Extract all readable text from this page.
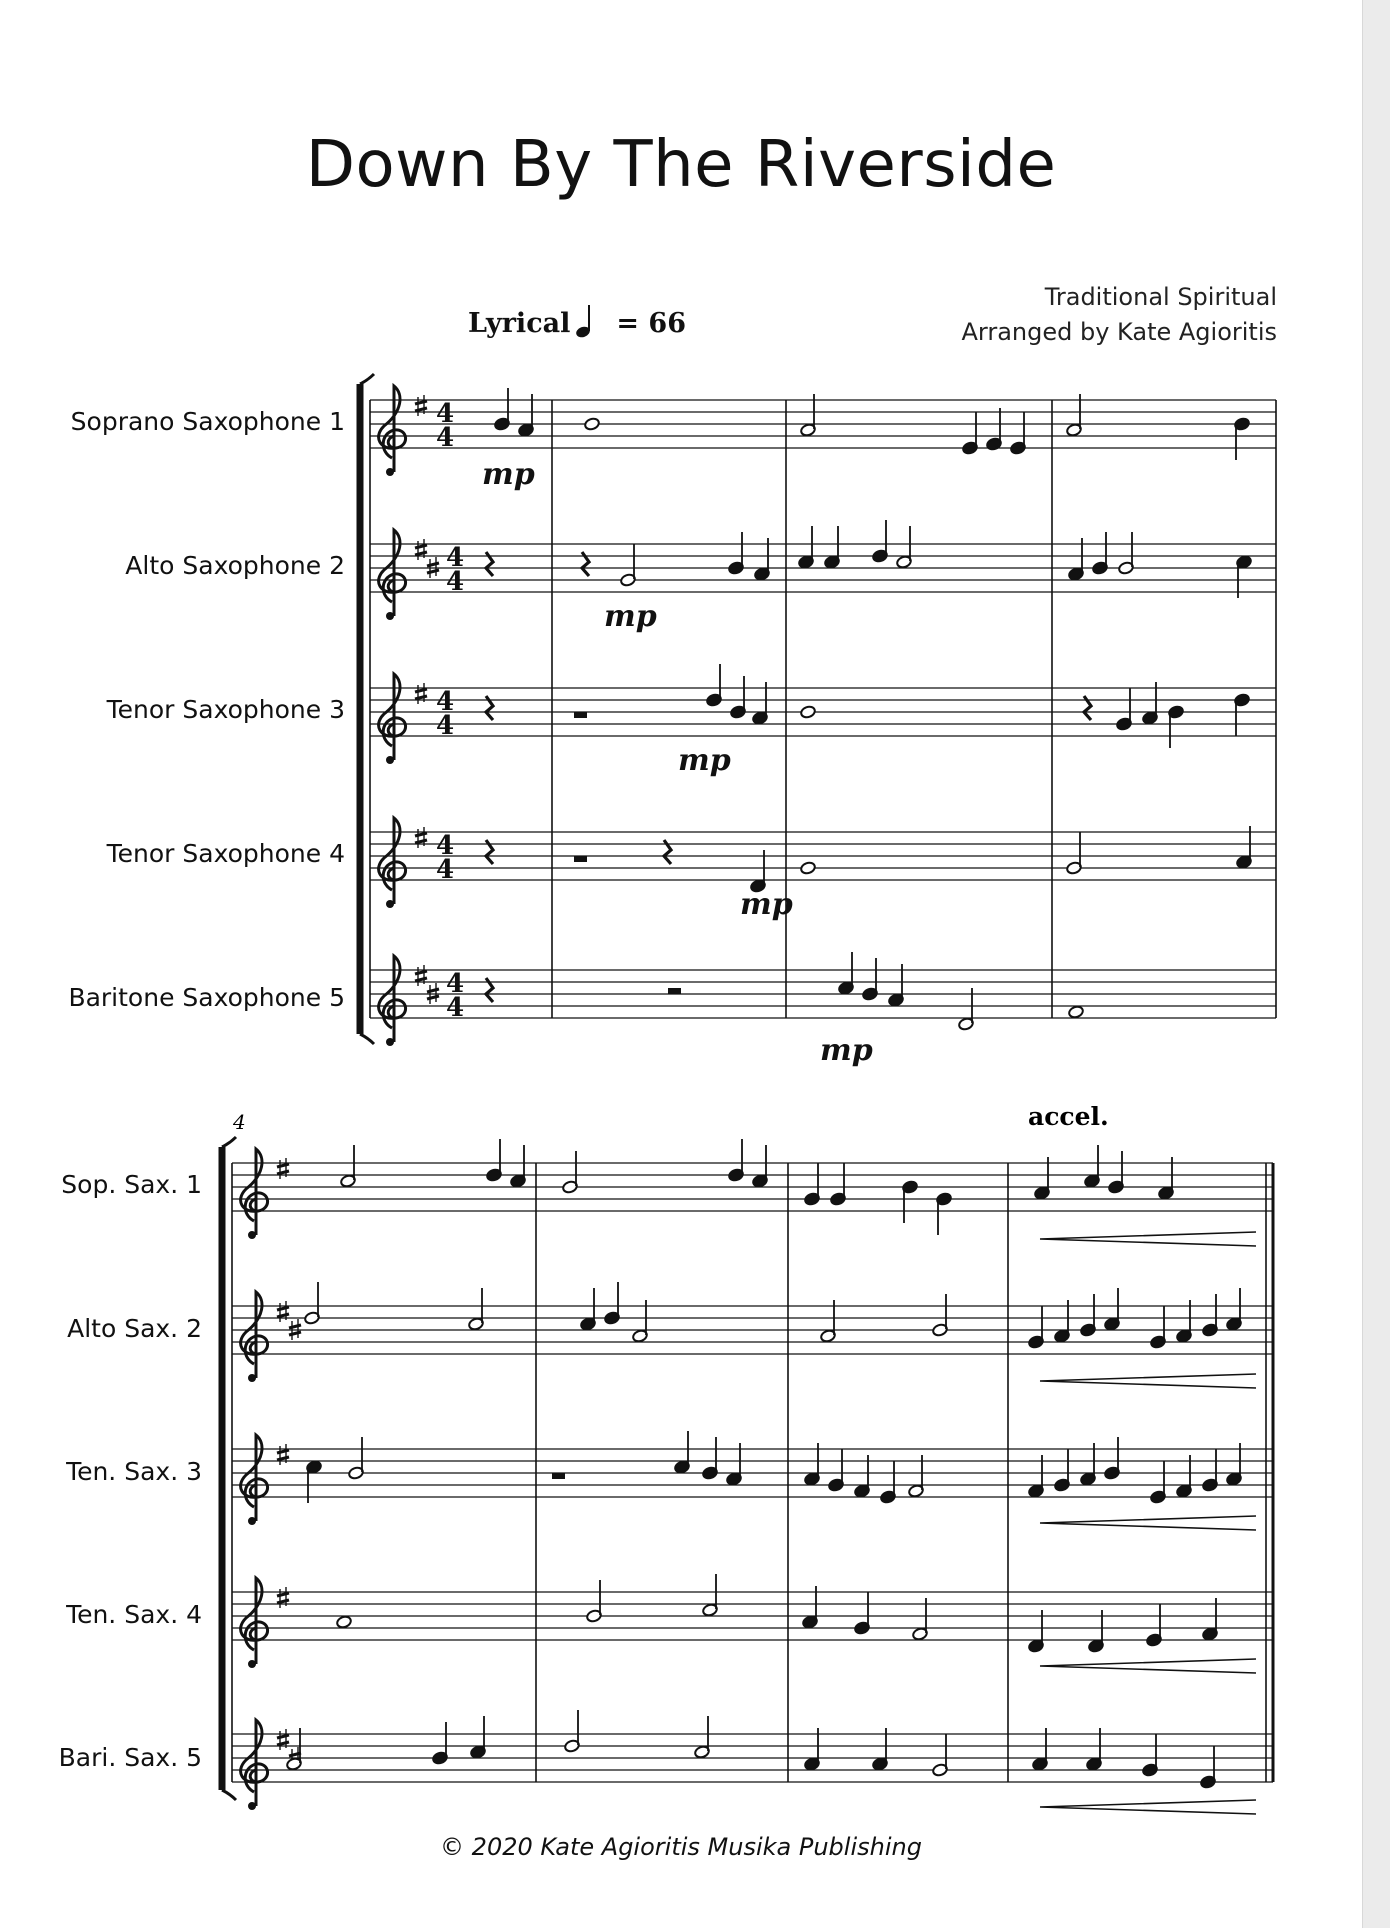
Down By The Riverside
Traditional Spiritual
Arranged by Kate Agioritis
Lyrical = 66
Soprano Saxophone 1
Alto Saxophone 2
Tenor Saxophone 3
Tenor Saxophone 4
Baritone Saxophone 5
4	accel.
Sop. Sax. 1
Alto Sax. 2
Ten. Sax. 3
Ten. Sax. 4
Bari. Sax. 5
4
4
4
4
4
4
4
4
4
4
mp
mp
mp
mp
mp
© 2020 Kate Agioritis Musika Publishing
